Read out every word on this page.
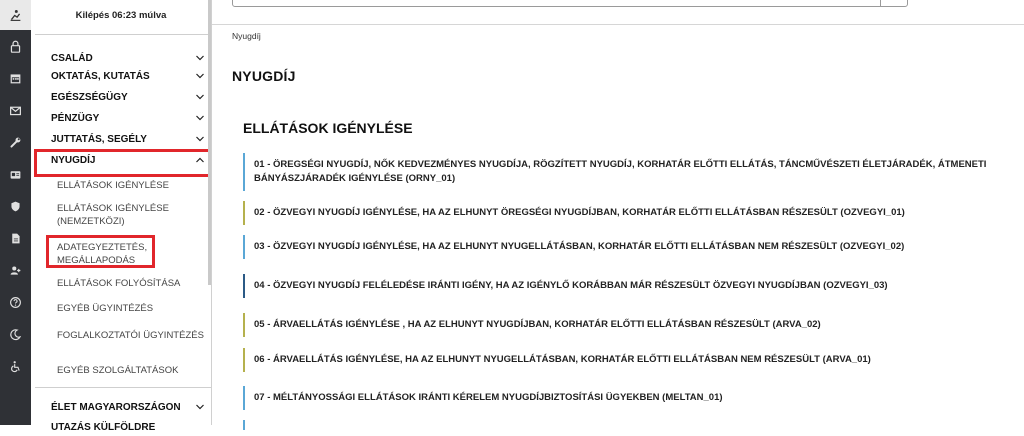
Kilépés 06:23 múlva
CSALÁD
OKTATÁS, KUTATÁS
EGÉSZSÉGÜGY
PÉNZÜGY
JUTTATÁS, SEGÉLY
NYUGDÍJ
ELLÁTÁSOK IGÉNYLÉSE
ELLÁTÁSOK IGÉNYLÉSE (NEMZETKÖZI)
ADATEGYEZTETÉS, MEGÁLLAPODÁS
ELLÁTÁSOK FOLYÓSÍTÁSA
EGYÉB ÜGYINTÉZÉS
FOGLALKOZTATÓI ÜGYINTÉZÉS
EGYÉB SZOLGÁLTATÁSOK
ÉLET MAGYARORSZÁGON
UTAZÁS KÜLFÖLDRE
Nyugdíj
NYUGDÍJ
ELLÁTÁSOK IGÉNYLÉSE
01 - ÖREGSÉGI NYUGDÍJ, NŐK KEDVEZMÉNYES NYUGDÍJA, RÖGZÍTETT NYUGDÍJ, KORHATÁR ELŐTTI ELLÁTÁS, TÁNCMŰVÉSZETI ÉLETJÁRADÉK, ÁTMENETI BÁNYÁSZJÁRADÉK IGÉNYLÉSE (ORNY_01)
02 - ÖZVEGYI NYUGDÍJ IGÉNYLÉSE, HA AZ ELHUNYT ÖREGSÉGI NYUGDÍJBAN, KORHATÁR ELŐTTI ELLÁTÁSBAN RÉSZESÜLT (OZVEGYI_01)
03 - ÖZVEGYI NYUGDÍJ IGÉNYLÉSE, HA AZ ELHUNYT NYUGELLÁTÁSBAN, KORHATÁR ELŐTTI ELLÁTÁSBAN NEM RÉSZESÜLT (OZVEGYI_02)
04 - ÖZVEGYI NYUGDÍJ FELÉLEDÉSE IRÁNTI IGÉNY, HA AZ IGÉNYLŐ KORÁBBAN MÁR RÉSZESÜLT ÖZVEGYI NYUGDÍJBAN (OZVEGYI_03)
05 - ÁRVAELLÁTÁS IGÉNYLÉSE , HA AZ ELHUNYT NYUGDÍJBAN, KORHATÁR ELŐTTI ELLÁTÁSBAN RÉSZESÜLT (ARVA_02)
06 - ÁRVAELLÁTÁS IGÉNYLÉSE, HA AZ ELHUNYT NYUGELLÁTÁSBAN, KORHATÁR ELŐTTI ELLÁTÁSBAN NEM RÉSZESÜLT (ARVA_01)
07 - MÉLTÁNYOSSÁGI ELLÁTÁSOK IRÁNTI KÉRELEM NYUGDÍJBIZTOSÍTÁSI ÜGYEKBEN (MELTAN_01)
